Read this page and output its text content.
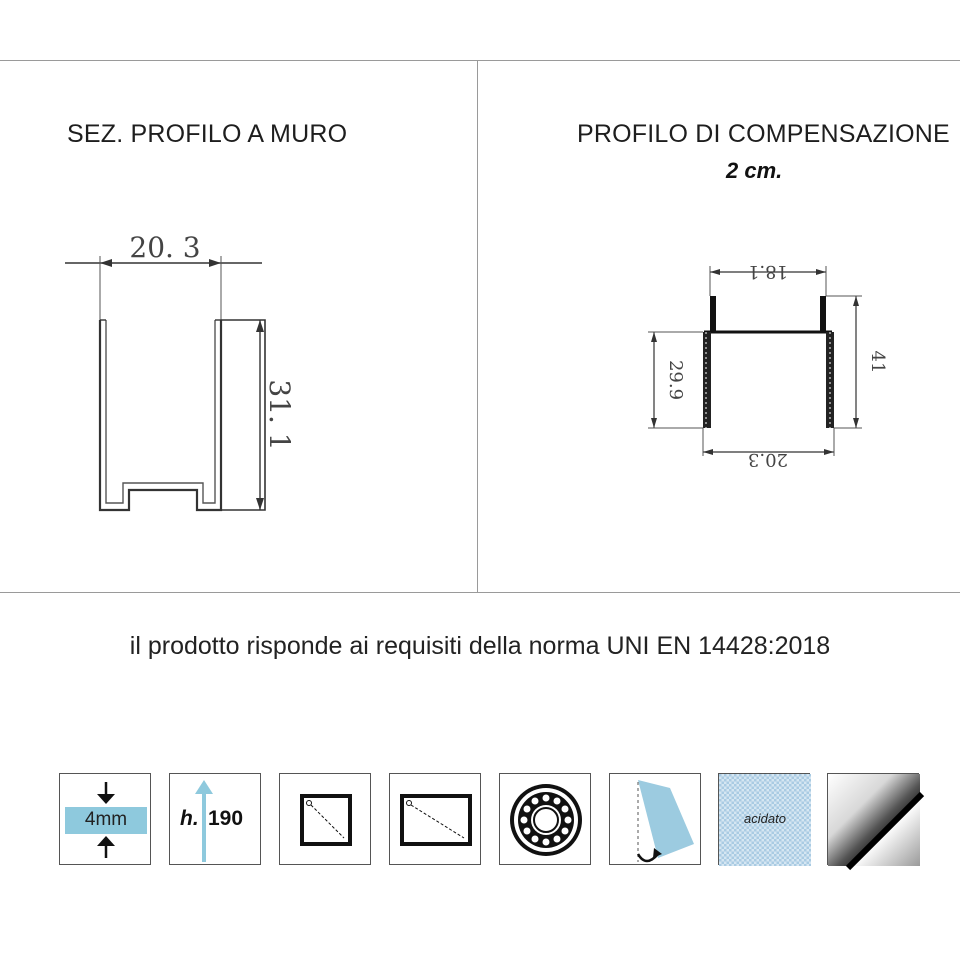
SEZ. PROFILO A MURO
20. 3
31. 1
PROFILO DI COMPENSAZIONE
2 cm.
18.1
20.3
29.9	41
il prodotto risponde ai requisiti della norma UNI EN 14428:2018
4mm	h. 190	acidato
